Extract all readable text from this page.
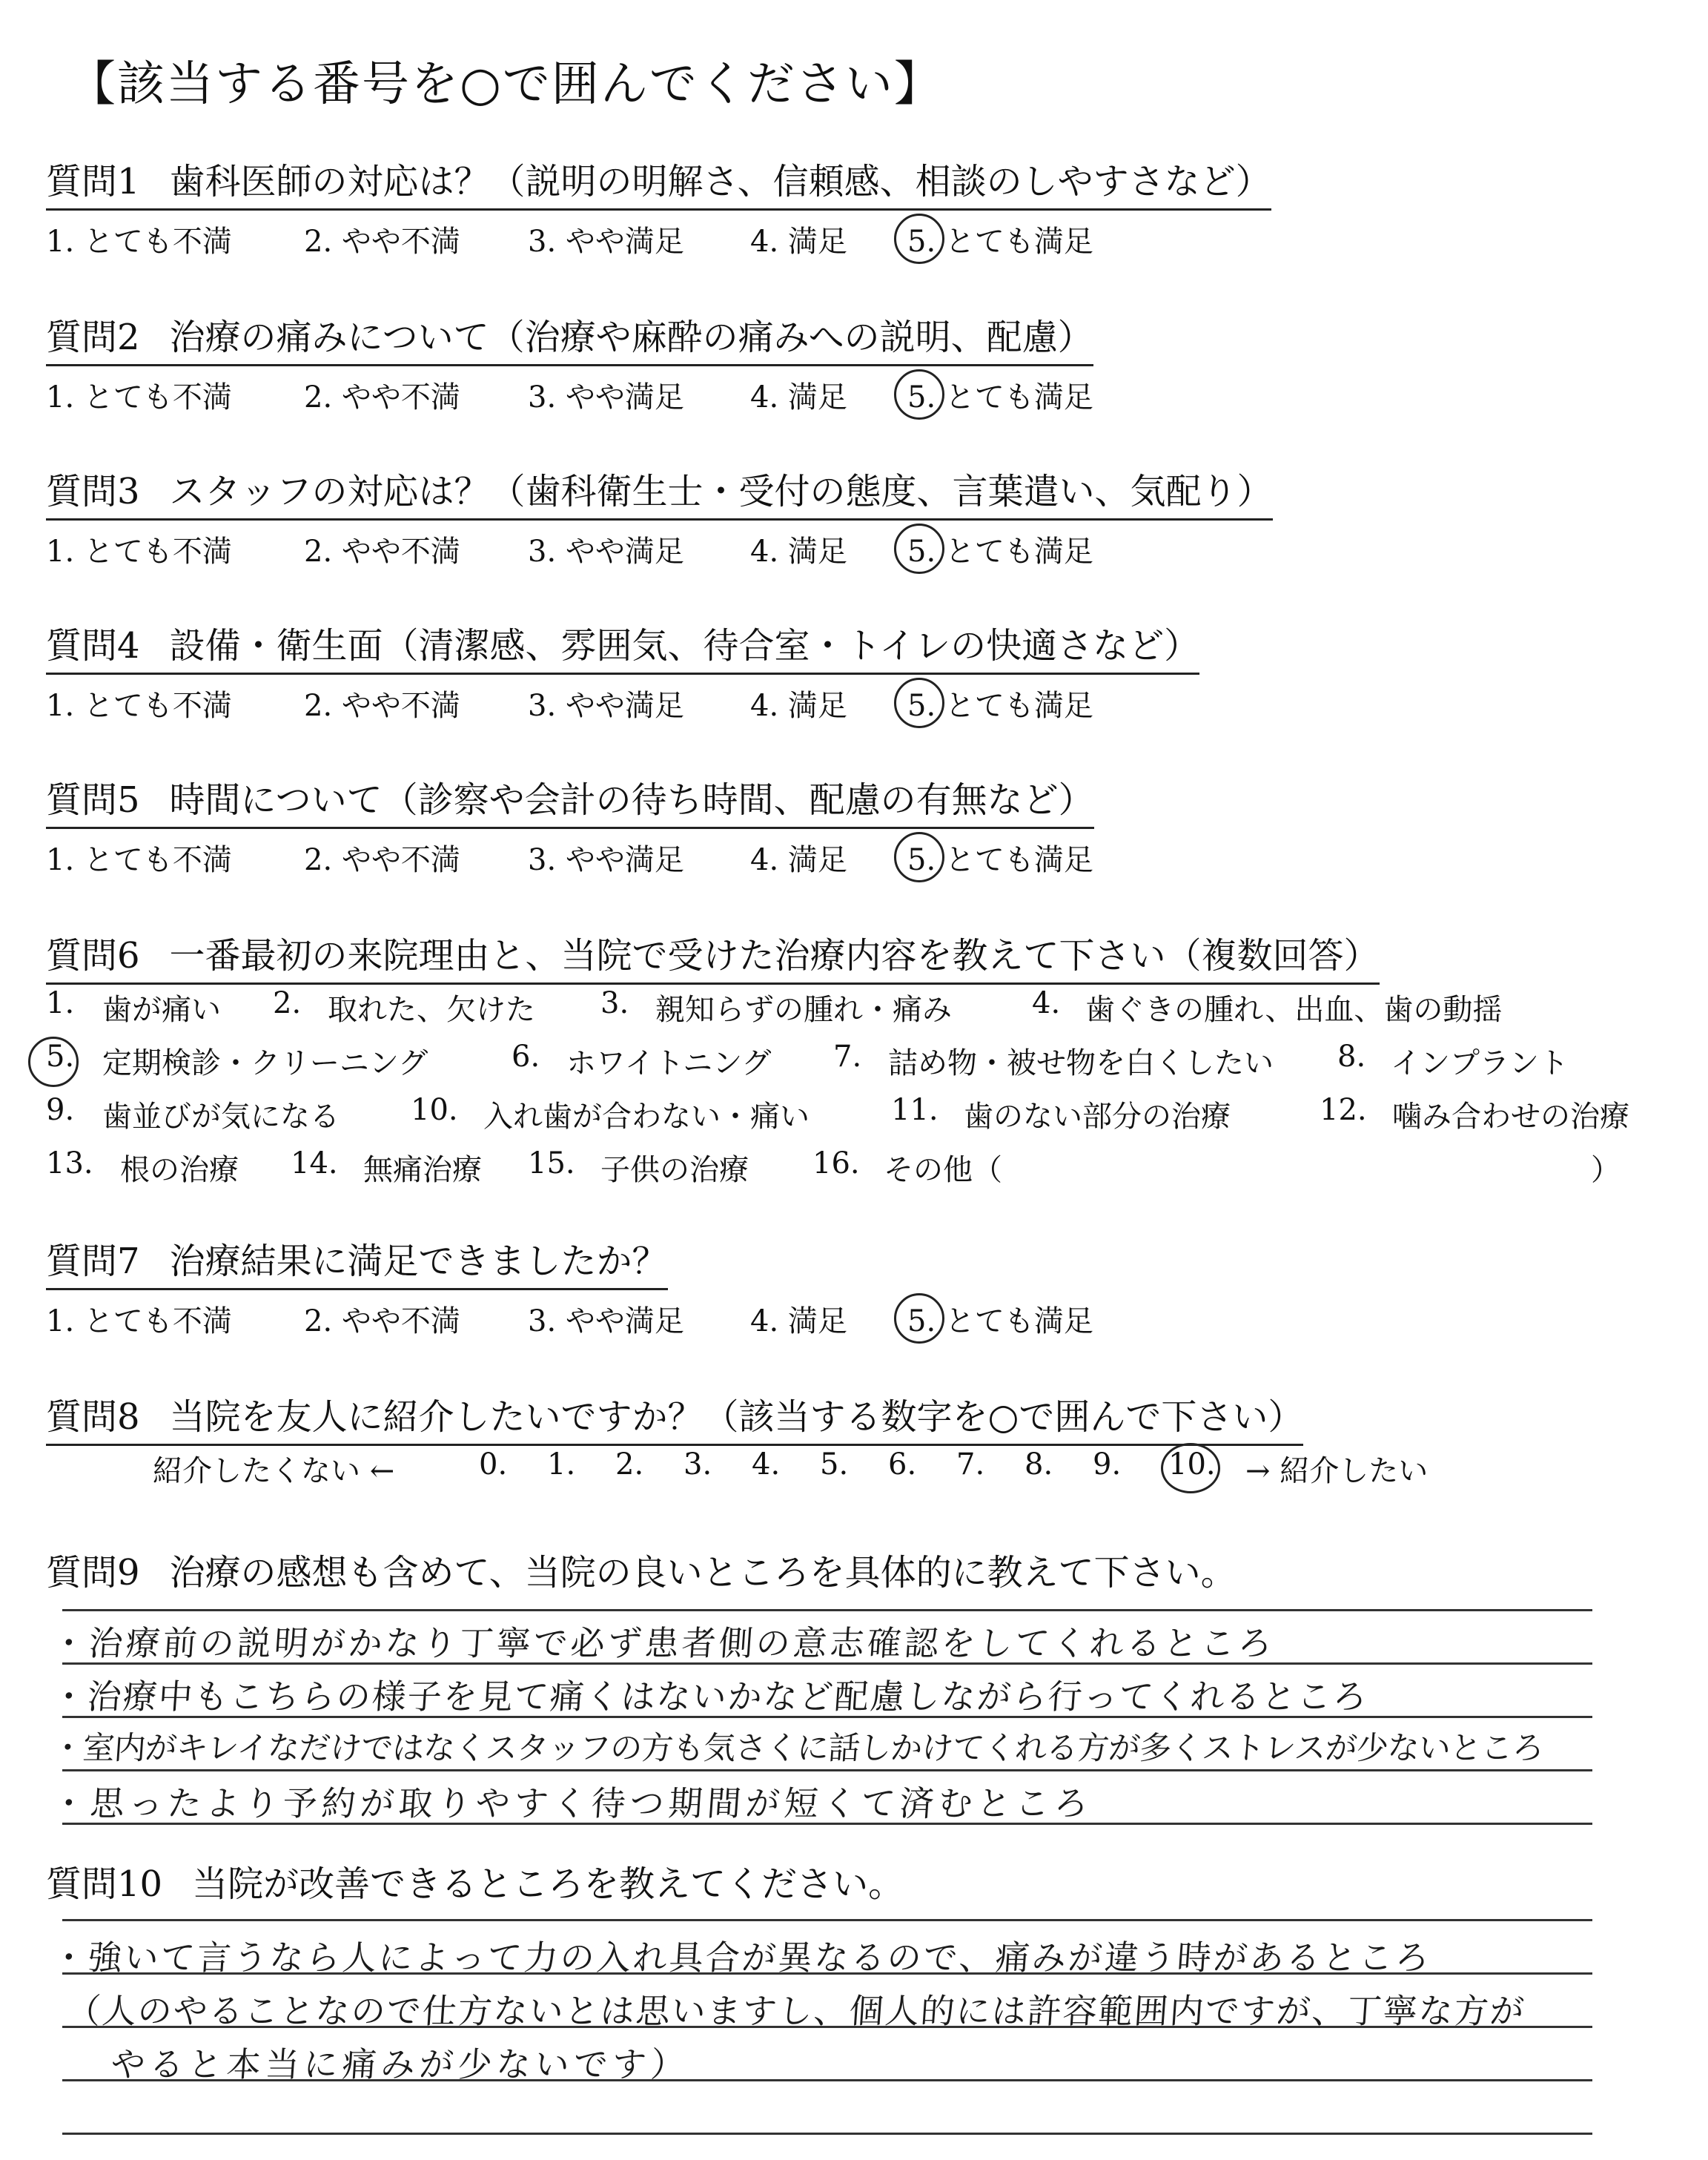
【該当する番号を○で囲んでください】
質問1 歯科医師の対応は？（説明の明解さ、信頼感、相談のしやすさなど）
1. とても不満 2. やや不満 3. やや満足 4. 満足 5. とても満足
質問2 治療の痛みについて（治療や麻酔の痛みへの説明、配慮）
1. とても不満 2. やや不満 3. やや満足 4. 満足 5. とても満足
質問3 スタッフの対応は？（歯科衛生士・受付の態度、言葉遣い、気配り）
1. とても不満 2. やや不満 3. やや満足 4. 満足 5. とても満足
質問4 設備・衛生面（清潔感、雰囲気、待合室・トイレの快適さなど）
1. とても不満 2. やや不満 3. やや満足 4. 満足 5. とても満足
質問5 時間について（診察や会計の待ち時間、配慮の有無など）
1. とても不満 2. やや不満 3. やや満足 4. 満足 5. とても満足
質問6 一番最初の来院理由と、当院で受けた治療内容を教えて下さい（複数回答）
1. 歯が痛い 2. 取れた、欠けた 3. 親知らずの腫れ・痛み	4. 歯ぐきの腫れ、出血、歯の動揺
5. 定期検診・クリーニング	6. ホワイトニング 7. 詰め物・被せ物を白くしたい 8. インプラント
9. 歯並びが気になる 10. 入れ歯が合わない・痛い	11. 歯のない部分の治療	12. 噛み合わせの治療
13. 根の治療 14. 無痛治療 15. 子供の治療 16. その他（	）
質問7 治療結果に満足できましたか？
1. とても不満 2. やや不満 3. やや満足 4. 満足 5. とても満足
質問8 当院を友人に紹介したいですか？（該当する数字を○で囲んで下さい）
紹介したくない ←	0. 1. 2. 3. 4. 5. 6. 7. 8. 9. 10. → 紹介したい
質問9 治療の感想も含めて、当院の良いところを具体的に教えて下さい。
・治療前の説明がかなり丁寧で必ず患者側の意志確認をしてくれるところ
・治療中もこちらの様子を見て痛くはないかなど配慮しながら行ってくれるところ
・室内がキレイなだけではなくスタッフの方も気さくに話しかけてくれる方が多くストレスが少ないところ
・思ったより予約が取りやすく待つ期間が短くて済むところ
質問10 当院が改善できるところを教えてください。
・強いて言うなら人によって力の入れ具合が異なるので、痛みが違う時があるところ
（人のやることなので仕方ないとは思いますし、個人的には許容範囲内ですが、丁寧な方が
やると本当に痛みが少ないです）
